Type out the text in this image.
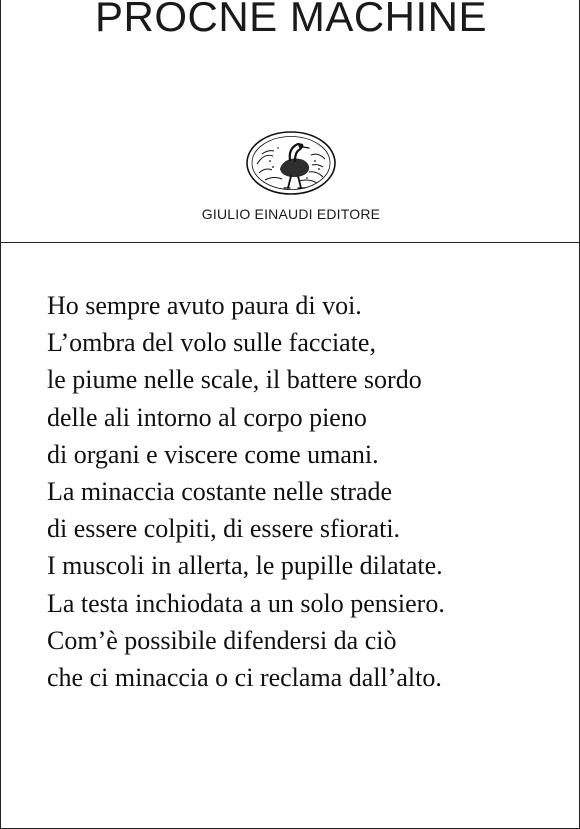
PROCNE MACHINE
GIULIO EINAUDI EDITORE
Ho sempre avuto paura di voi.
L’ombra del volo sulle facciate,
le piume nelle scale, il battere sordo
delle ali intorno al corpo pieno
di organi e viscere come umani.
La minaccia costante nelle strade
di essere colpiti, di essere sfiorati.
I muscoli in allerta, le pupille dilatate.
La testa inchiodata a un solo pensiero.
Com’è possibile difendersi da ciò
che ci minaccia o ci reclama dall’alto.
